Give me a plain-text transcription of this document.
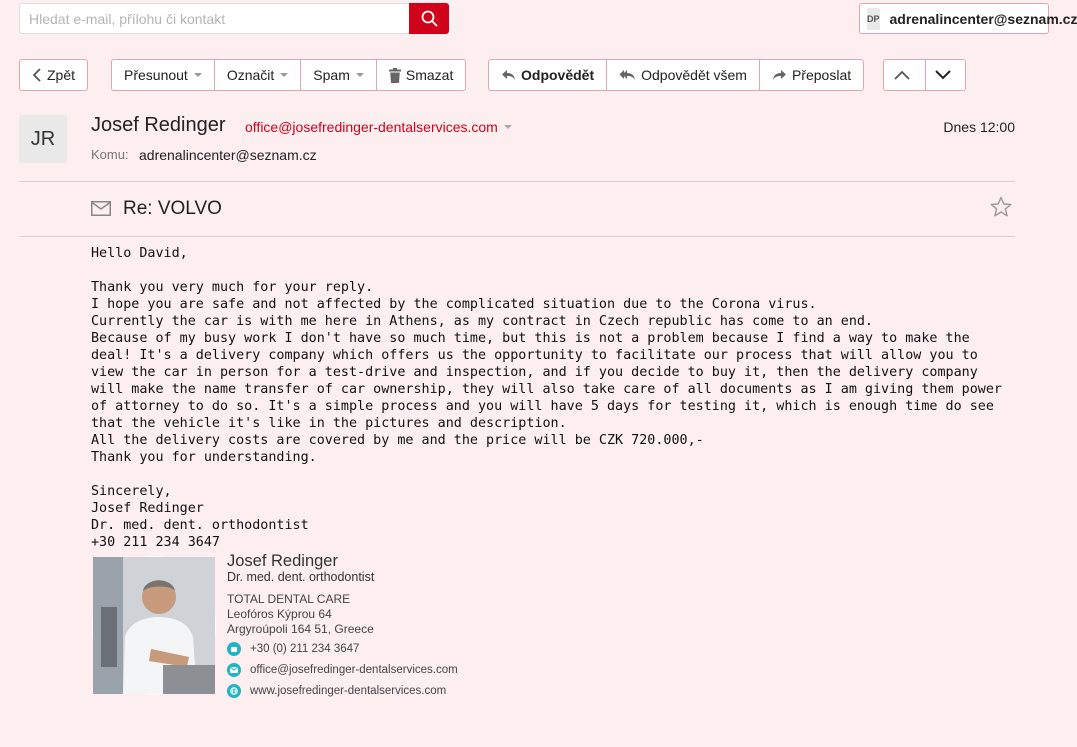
Hledat e-mail, přílohu či kontakt
DP adrenalincenter@seznam.cz
Zpět	Přesunout	Označit	Spam	Smazat	Odpovědět	Odpovědět všem	Přeposlat
JR
Josef Redinger office@josefredinger-dentalservices.com	Dnes 12:00
Komu: adrenalincenter@seznam.cz
Re: VOLVO
Hello David,

Thank you very much for your reply.
I hope you are safe and not affected by the complicated situation due to the Corona virus.
Currently the car is with me here in Athens, as my contract in Czech republic has come to an end.
Because of my busy work I don't have so much time, but this is not a problem because I find a way to make the deal! It's a delivery company which offers us the opportunity to facilitate our process that will allow you to view the car in person for a test-drive and inspection, and if you decide to buy it, then the delivery company will make the name transfer of car ownership, they will also take care of all documents as I am giving them power of attorney to do so. It's a simple process and you will have 5 days for testing it, which is enough time do see that the vehicle it's like in the pictures and description.
All the delivery costs are covered by me and the price will be CZK 720.000,-
Thank you for understanding.

Sincerely,
Josef Redinger
Dr. med. dent. orthodontist
+30 211 234 3647
Josef Redinger
Dr. med. dent. orthodontist
TOTAL DENTAL CARE
Leofóros Kýprou 64
Argyroúpoli 164 51, Greece
+30 (0) 211 234 3647
office@josefredinger-dentalservices.com
www.josefredinger-dentalservices.com
